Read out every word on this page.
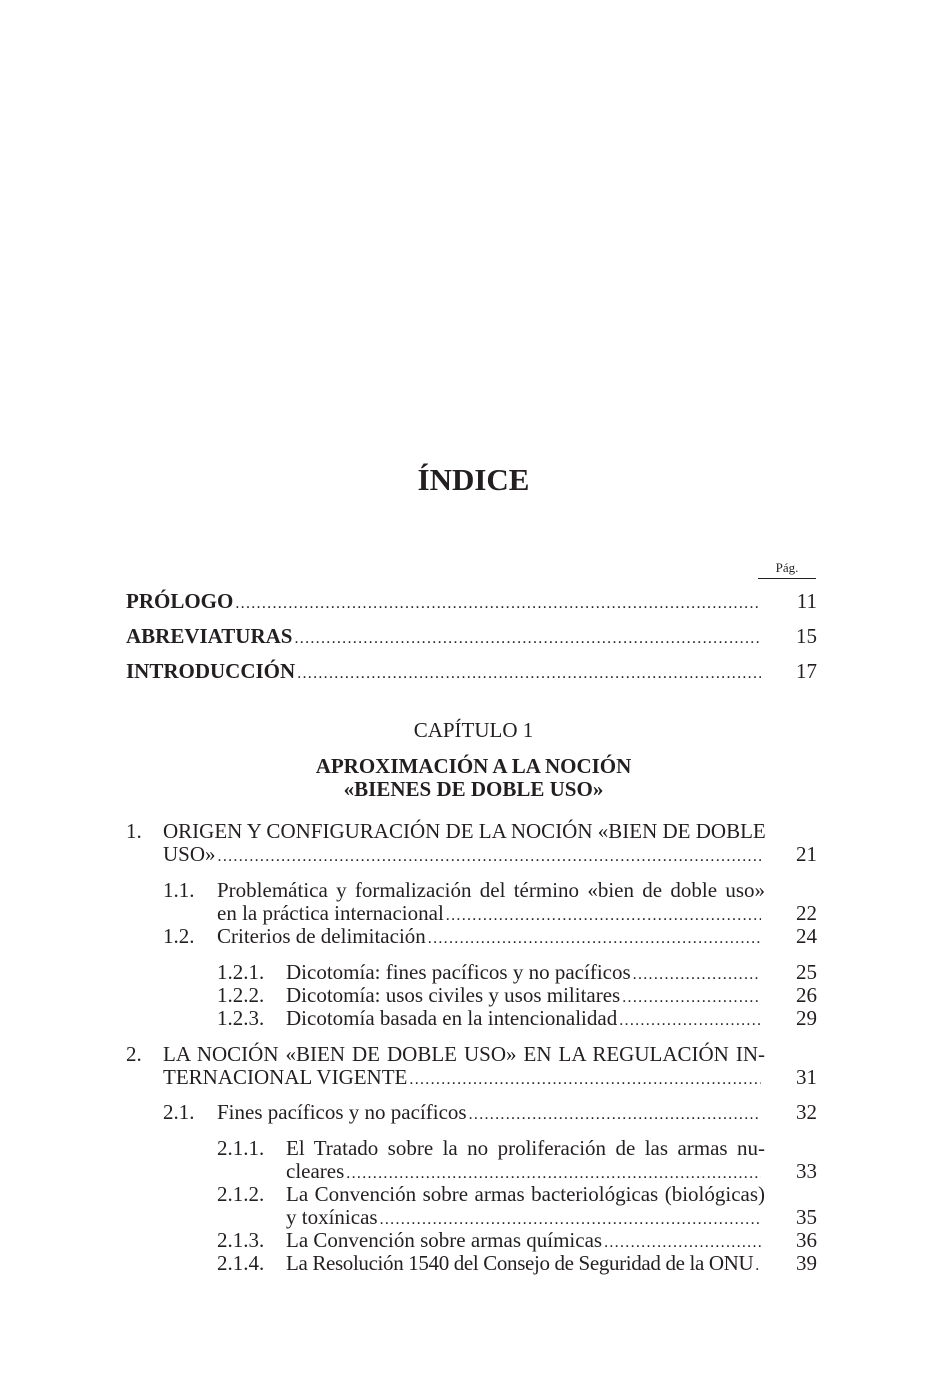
ÍNDICE
Pág.
PRÓLOGO .....	11
ABREVIATURAS .....	15
INTRODUCCIÓN .....	17
CAPÍTULO 1
APROXIMACIÓN A LA NOCIÓN
«BIENES DE DOBLE USO»
1. ORIGEN Y CONFIGURACIÓN DE LA NOCIÓN «BIEN DE DOBLE
USO» .....	21
1.1. Problemática y formalización del término «bien de doble uso»
en la práctica internacional .....	22
1.2. Criterios de delimitación .....	24
1.2.1. Dicotomía: fines pacíficos y no pacíficos .....	25
1.2.2. Dicotomía: usos civiles y usos militares .....	26
1.2.3. Dicotomía basada en la intencionalidad .....	29
2. LA NOCIÓN «BIEN DE DOBLE USO» EN LA REGULACIÓN IN-
TERNACIONAL VIGENTE .....	31
2.1. Fines pacíficos y no pacíficos .....	32
2.1.1. El Tratado sobre la no proliferación de las armas nu-
cleares .....	33
2.1.2. La Convención sobre armas bacteriológicas (biológicas)
y toxínicas .....	35
2.1.3. La Convención sobre armas químicas .....	36
2.1.4. La Resolución 1540 del Consejo de Seguridad de la ONU .....	39
